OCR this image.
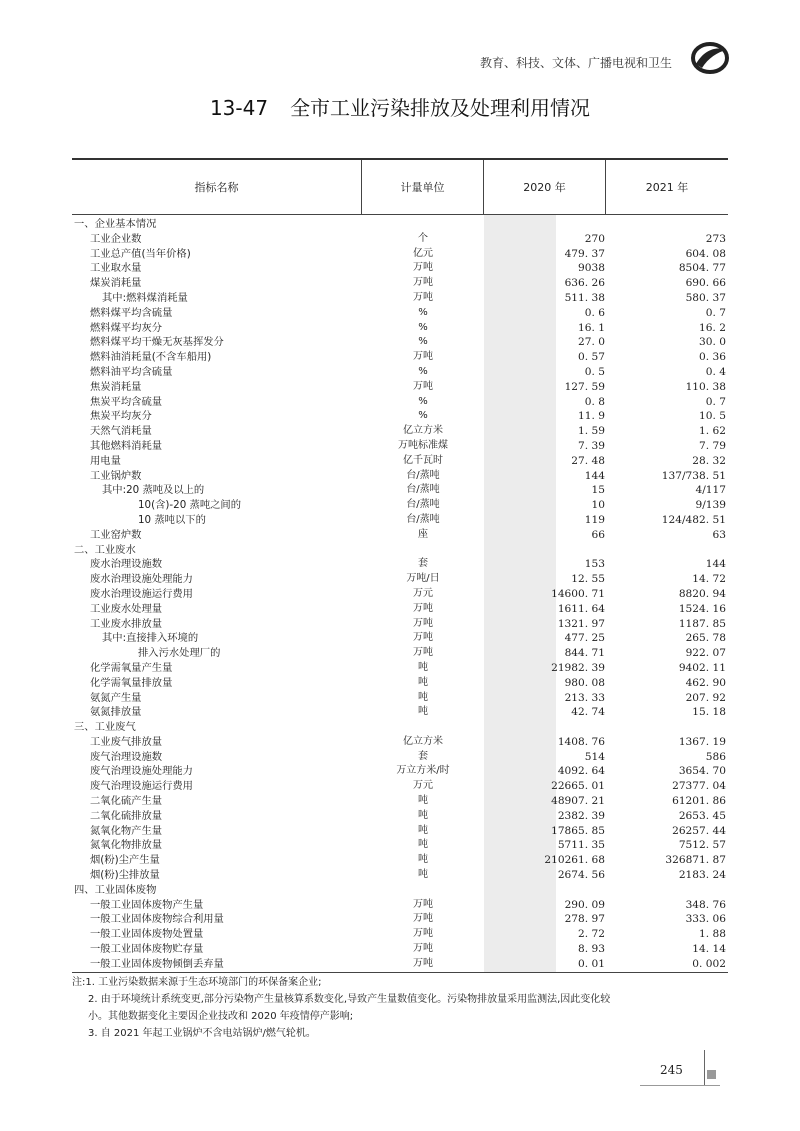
教育、科技、文体、广播电视和卫生
13-47 全市工业污染排放及处理利用情况
指标名称	计量单位	2020 年	2021 年
一、企业基本情况
工业企业数	个	270	273
工业总产值(当年价格)	亿元	479. 37	604. 08
工业取水量	万吨	9038	8504. 77
煤炭消耗量	万吨	636. 26	690. 66
其中:燃料煤消耗量	万吨	511. 38	580. 37
燃料煤平均含硫量	%	0. 6	0. 7
燃料煤平均灰分	%	16. 1	16. 2
燃料煤平均干燥无灰基挥发分	%	27. 0	30. 0
燃料油消耗量(不含车船用)	万吨	0. 57	0. 36
燃料油平均含硫量	%	0. 5	0. 4
焦炭消耗量	万吨	127. 59	110. 38
焦炭平均含硫量	%	0. 8	0. 7
焦炭平均灰分	%	11. 9	10. 5
天然气消耗量	亿立方米	1. 59	1. 62
其他燃料消耗量	万吨标准煤	7. 39	7. 79
用电量	亿千瓦时	27. 48	28. 32
工业锅炉数	台/蒸吨	144	137/738. 51
其中:20 蒸吨及以上的	台/蒸吨	15	4/117
10(含)-20 蒸吨之间的	台/蒸吨	10	9/139
10 蒸吨以下的	台/蒸吨	119	124/482. 51
工业窑炉数	座	66	63
二、工业废水
废水治理设施数	套	153	144
废水治理设施处理能力	万吨/日	12. 55	14. 72
废水治理设施运行费用	万元	14600. 71	8820. 94
工业废水处理量	万吨	1611. 64	1524. 16
工业废水排放量	万吨	1321. 97	1187. 85
其中:直接排入环境的	万吨	477. 25	265. 78
排入污水处理厂的	万吨	844. 71	922. 07
化学需氧量产生量	吨	21982. 39	9402. 11
化学需氧量排放量	吨	980. 08	462. 90
氨氮产生量	吨	213. 33	207. 92
氨氮排放量	吨	42. 74	15. 18
三、工业废气
工业废气排放量	亿立方米	1408. 76	1367. 19
废气治理设施数	套	514	586
废气治理设施处理能力	万立方米/时	4092. 64	3654. 70
废气治理设施运行费用	万元	22665. 01	27377. 04
二氧化硫产生量	吨	48907. 21	61201. 86
二氧化硫排放量	吨	2382. 39	2653. 45
氮氧化物产生量	吨	17865. 85	26257. 44
氮氧化物排放量	吨	5711. 35	7512. 57
烟(粉)尘产生量	吨	210261. 68	326871. 87
烟(粉)尘排放量	吨	2674. 56	2183. 24
四、工业固体废物
一般工业固体废物产生量	万吨	290. 09	348. 76
一般工业固体废物综合利用量	万吨	278. 97	333. 06
一般工业固体废物处置量	万吨	2. 72	1. 88
一般工业固体废物贮存量	万吨	8. 93	14. 14
一般工业固体废物倾倒丢弃量	万吨	0. 01	0. 002

注:1. 工业污染数据来源于生态环境部门的环保备案企业;

2. 由于环境统计系统变更,部分污染物产生量核算系数变化,导致产生量数值变化。污染物排放量采用监测法,因此变化较

小。其他数据变化主要因企业技改和 2020 年疫情停产影响;

3. 自 2021 年起工业锅炉不含电站锅炉/燃气轮机。

245
